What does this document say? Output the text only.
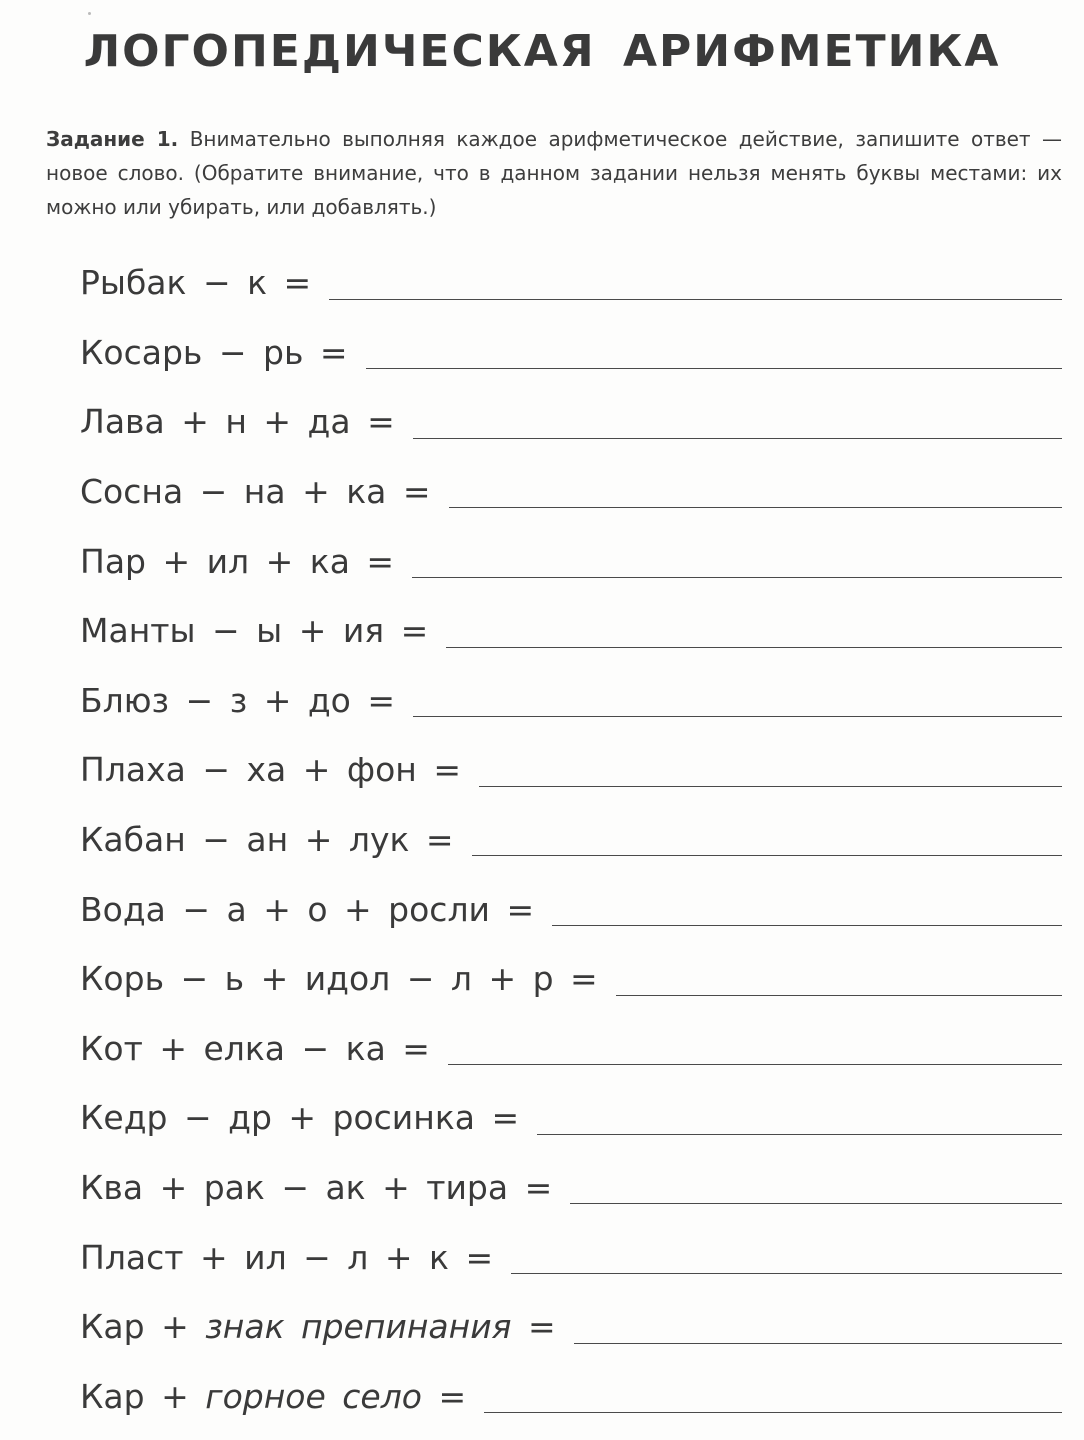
ЛОГОПЕДИЧЕСКАЯ АРИФМЕТИКА
Задание 1. Внимательно выполняя каждое арифметическое действие, запишите ответ — новое слово. (Обратите внимание, что в данном задании нельзя менять буквы местами: их можно или убирать, или добавлять.)
Рыбак − к =
Косарь − рь =
Лава + н + да =
Сосна − на + ка =
Пар + ил + ка =
Манты − ы + ия =
Блюз − з + до =
Плаха − ха + фон =
Кабан − ан + лук =
Вода − а + о + росли =
Корь − ь + идол − л + р =
Кот + елка − ка =
Кедр − др + росинка =
Ква + рак − ак + тира =
Пласт + ил − л + к =
Кар + знак препинания =
Кар + горное село =
